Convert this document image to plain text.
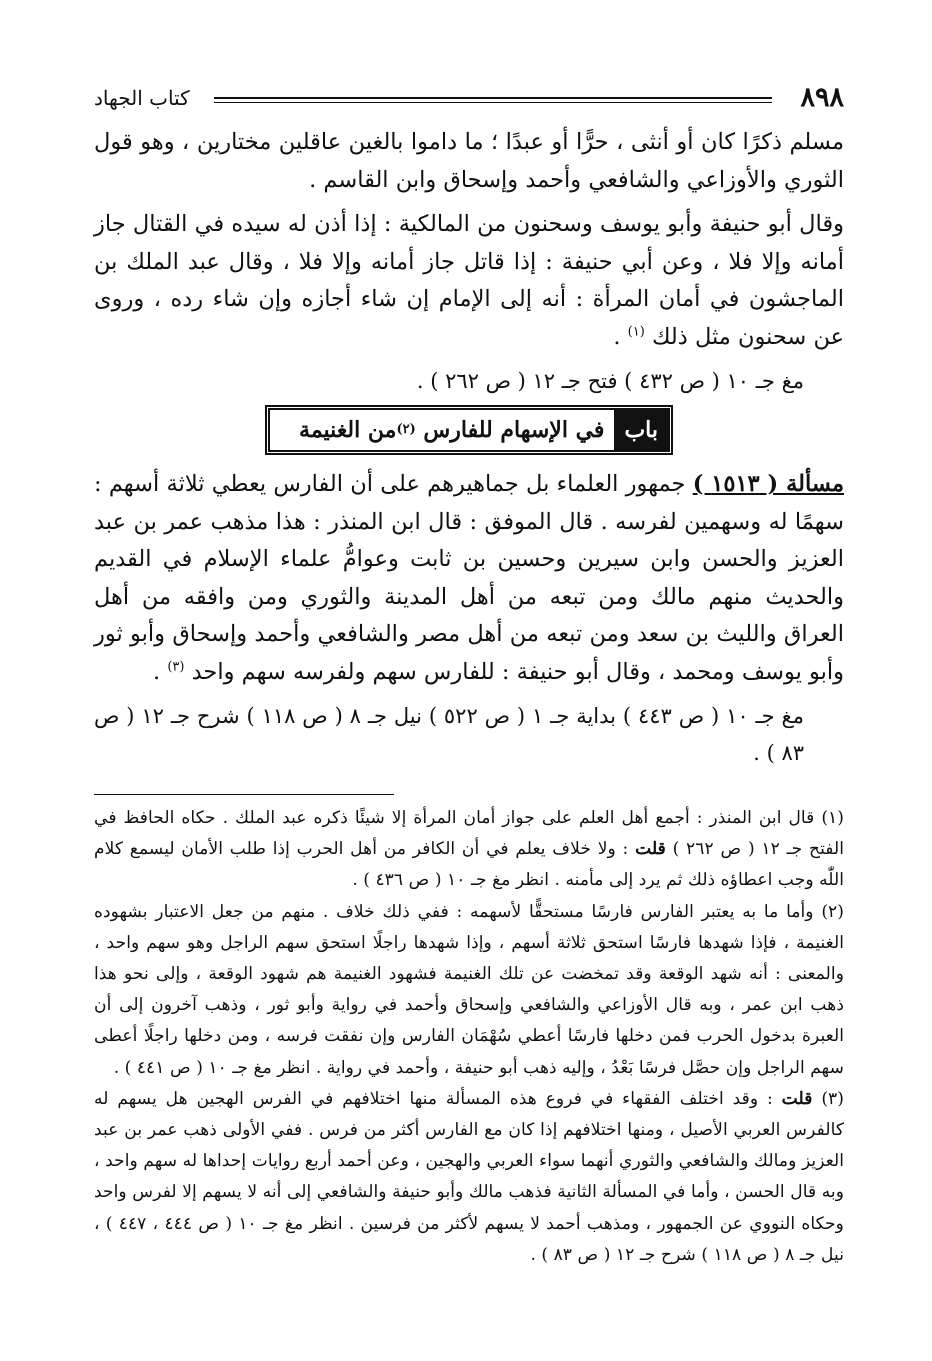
٨٩٨
كتاب الجهاد

مسلم ذكرًا كان أو أنثى ، حرًّا أو عبدًا ؛ ما داموا بالغين عاقلين مختارين ، وهو قول الثوري والأوزاعي والشافعي وأحمد وإسحاق وابن القاسم .

وقال أبو حنيفة وأبو يوسف وسحنون من المالكية : إذا أذن له سيده في القتال جاز أمانه وإلا فلا ، وعن أبي حنيفة : إذا قاتل جاز أمانه وإلا فلا ، وقال عبد الملك بن الماجشون في أمان المرأة : أنه إلى الإمام إن شاء أجازه وإن شاء رده ، وروى عن سحنون مثل ذلك $^{(١)}$ .

مغ جـ ١٠ ( ص ٤٣٢ ) فتح جـ ١٢ ( ص ٢٦٢ ) .

باب
في الإسهام للفارس

(٢)
من الغنيمة

مسألة ( ١٥١٣ ) جمهور العلماء بل جماهيرهم على أن الفارس يعطي ثلاثة أسهم : سهمًا له وسهمين لفرسه . قال الموفق : قال ابن المنذر : هذا مذهب عمر بن عبد العزيز والحسن وابن سيرين وحسين بن ثابت وعوامُّ علماء الإسلام في القديم والحديث منهم مالك ومن تبعه من أهل المدينة والثوري ومن وافقه من أهل العراق والليث بن سعد ومن تبعه من أهل مصر والشافعي وأحمد وإسحاق وأبو ثور وأبو يوسف ومحمد ، وقال أبو حنيفة : للفارس سهم ولفرسه سهم واحد $^{(٣)}$ .

مغ جـ ١٠ ( ص ٤٤٣ ) بداية جـ ١ ( ص ٥٢٢ ) نيل جـ ٨ ( ص ١١٨ ) شرح جـ ١٢ ( ص ٨٣ ) .

(١) قال ابن المنذر : أجمع أهل العلم على جواز أمان المرأة إلا شيئًا ذكره عبد الملك . حكاه الحافظ في الفتح جـ ١٢ ( ص ٢٦٢ ) قلت : ولا خلاف يعلم في أن الكافر من أهل الحرب إذا طلب الأمان ليسمع كلام اللّٰه وجب اعطاؤه ذلك ثم يرد إلى مأمنه . انظر مغ جـ ١٠ ( ص ٤٣٦ ) .

(٢) وأما ما به يعتبر الفارس فارسًا مستحقًّا لأسهمه : ففي ذلك خلاف . منهم من جعل الاعتبار بشهوده الغنيمة ، فإذا شهدها فارسًا استحق ثلاثة أسهم ، وإذا شهدها راجلًا استحق سهم الراجل وهو سهم واحد ، والمعنى : أنه شهد الوقعة وقد تمخضت عن تلك الغنيمة فشهود الغنيمة هم شهود الوقعة ، وإلى نحو هذا ذهب ابن عمر ، وبه قال الأوزاعي والشافعي وإسحاق وأحمد في رواية وأبو ثور ، وذهب آخرون إلى أن العبرة بدخول الحرب فمن دخلها فارسًا أعطي سُهْمَان الفارس وإن نفقت فرسه ، ومن دخلها راجلًا أعطى سهم الراجل وإن حصَّل فرسًا بَعْدُ ، وإليه ذهب أبو حنيفة ، وأحمد في رواية . انظر مغ جـ ١٠ ( ص ٤٤١ ) .

(٣) قلت : وقد اختلف الفقهاء في فروع هذه المسألة منها اختلافهم في الفرس الهجين هل يسهم له كالفرس العربي الأصيل ، ومنها اختلافهم إذا كان مع الفارس أكثر من فرس . ففي الأولى ذهب عمر بن عبد العزيز ومالك والشافعي والثوري أنهما سواء العربي والهجين ، وعن أحمد أربع روايات إحداها له سهم واحد ، وبه قال الحسن ، وأما في المسألة الثانية فذهب مالك وأبو حنيفة والشافعي إلى أنه لا يسهم إلا لفرس واحد وحكاه النووي عن الجمهور ، ومذهب أحمد لا يسهم لأكثر من فرسين . انظر مغ جـ ١٠ ( ص ٤٤٤ ، ٤٤٧ ) ، نيل جـ ٨ ( ص ١١٨ ) شرح جـ ١٢ ( ص ٨٣ ) .
